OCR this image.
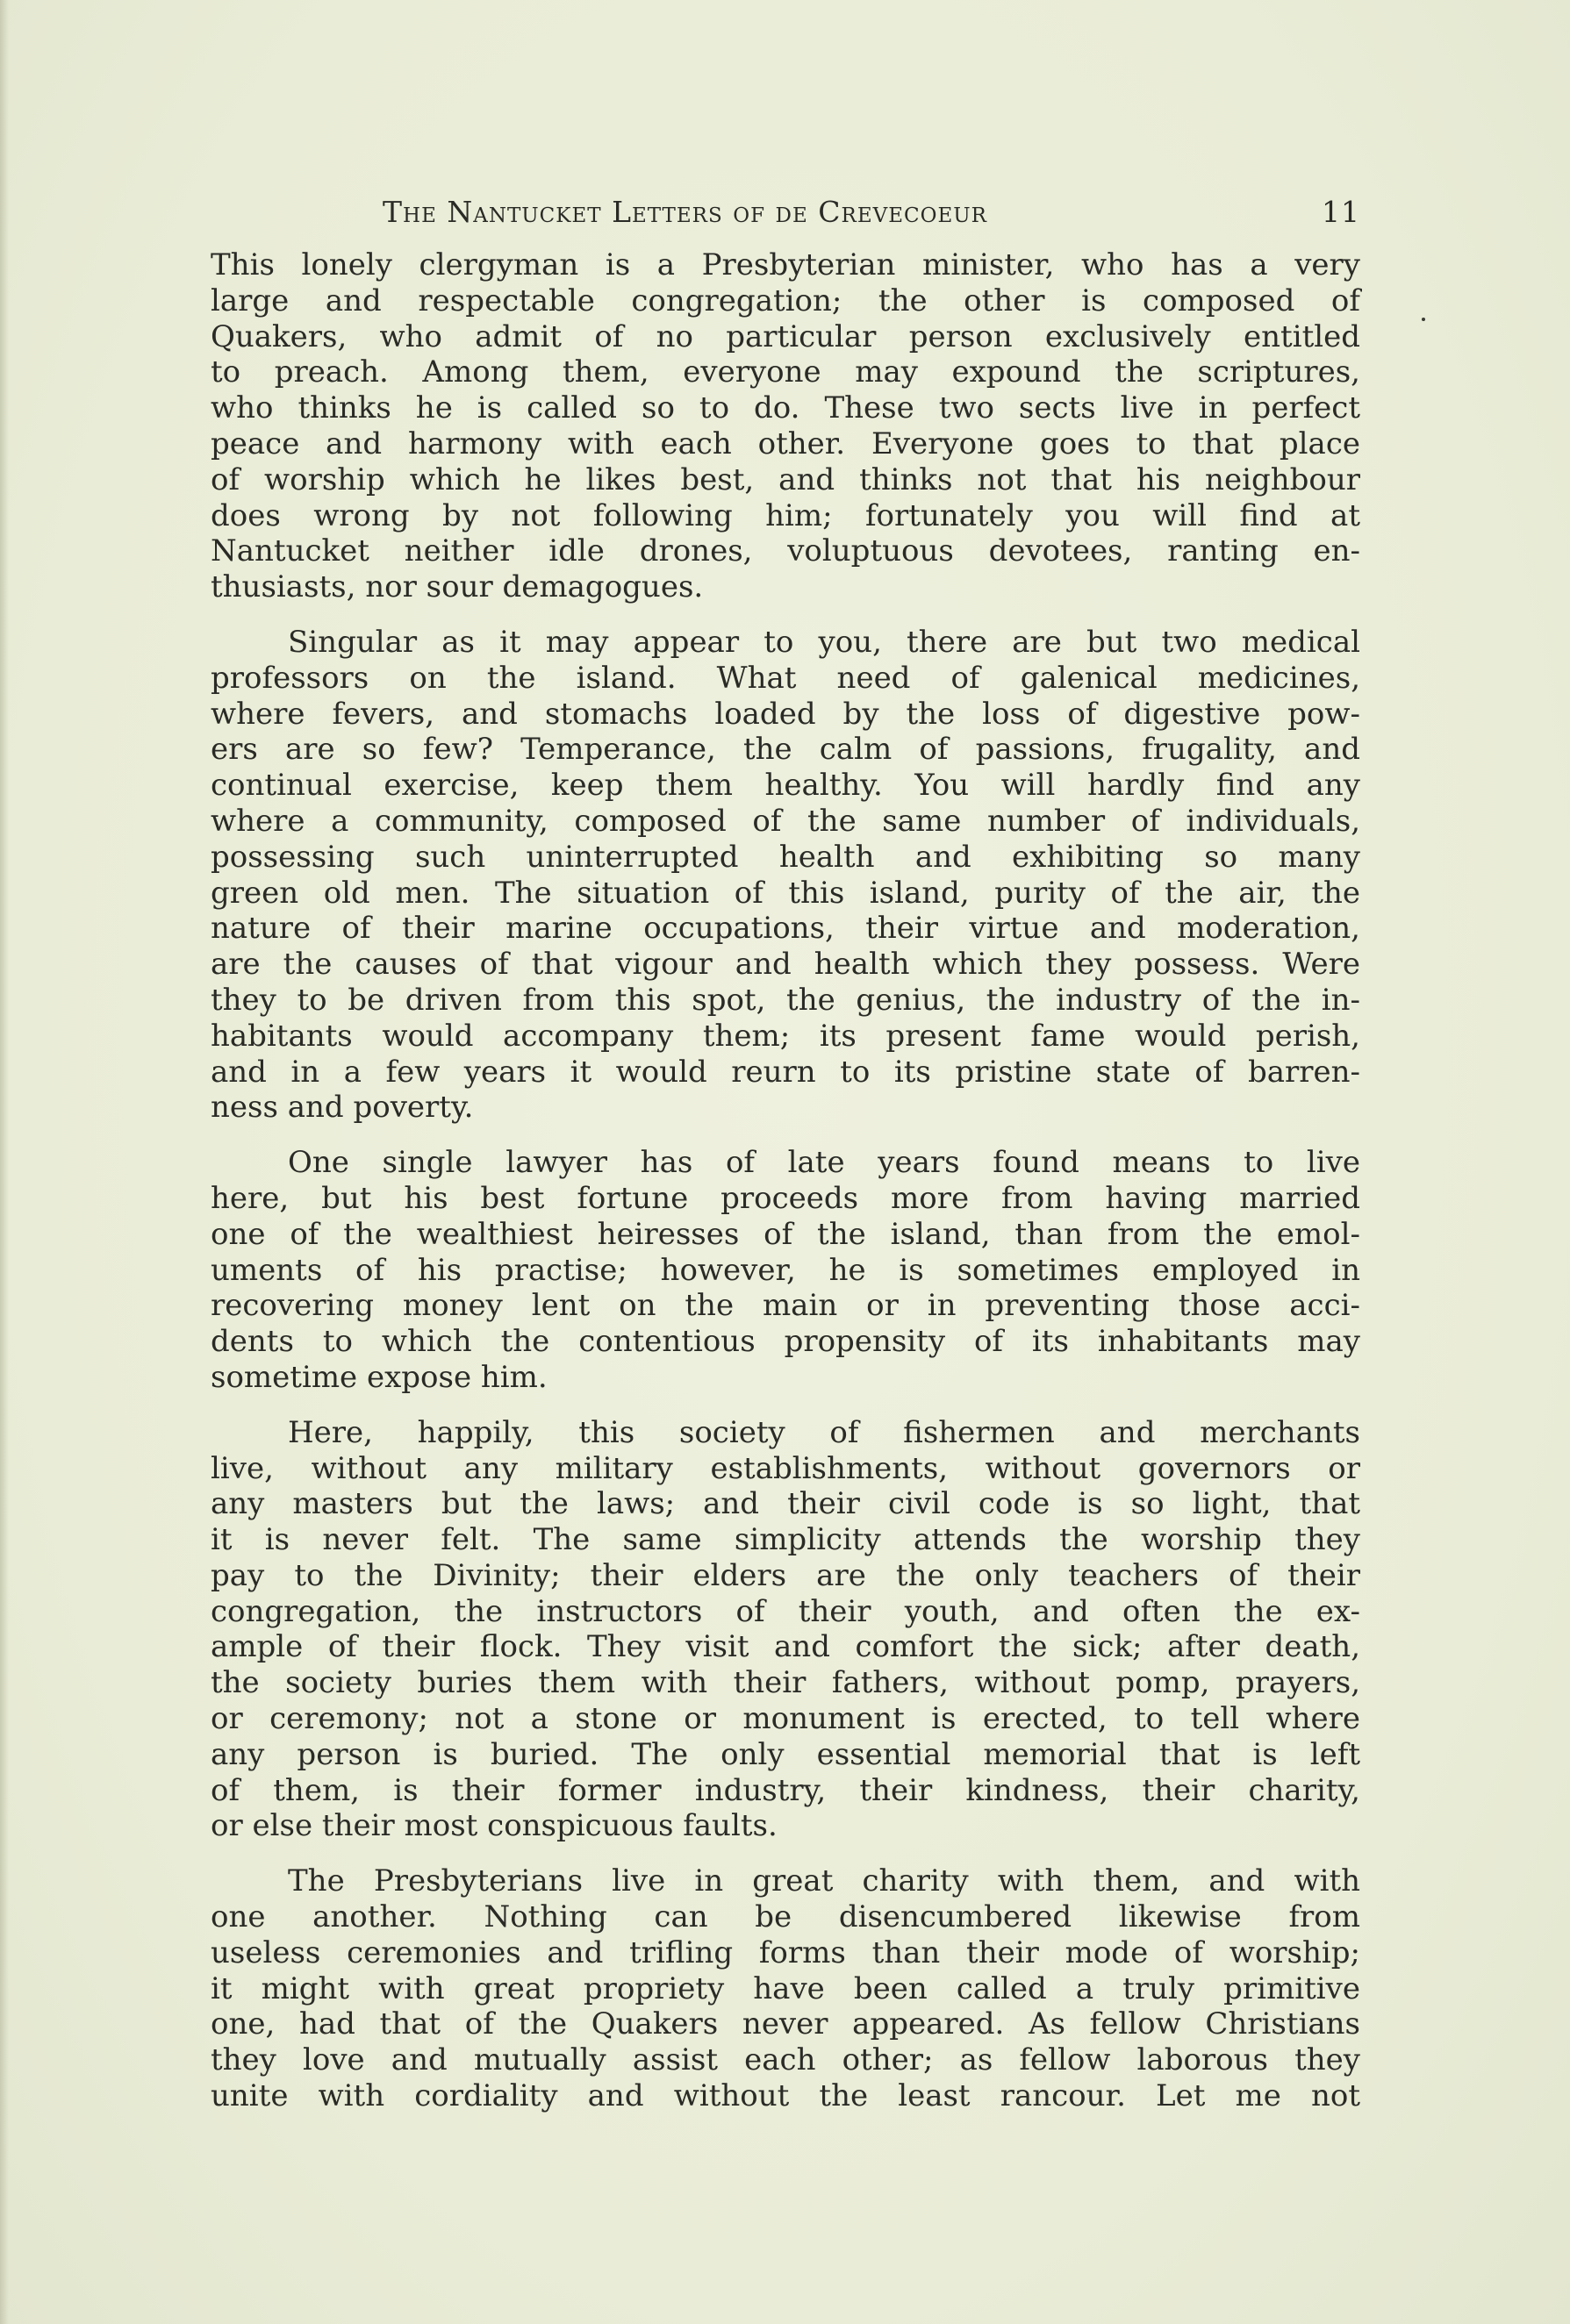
The Nantucket Letters of de Crevecoeur	11
This lonely clergyman is a Presbyterian minister, who has a very
large and respectable congregation; the other is composed of
Quakers, who admit of no particular person exclusively entitled
to preach. Among them, everyone may expound the scriptures,
who thinks he is called so to do. These two sects live in perfect
peace and harmony with each other. Everyone goes to that place
of worship which he likes best, and thinks not that his neighbour
does wrong by not following him; fortunately you will find at
Nantucket neither idle drones, voluptuous devotees, ranting en-
thusiasts, nor sour demagogues.
Singular as it may appear to you, there are but two medical
professors on the island. What need of galenical medicines,
where fevers, and stomachs loaded by the loss of digestive pow-
ers are so few? Temperance, the calm of passions, frugality, and
continual exercise, keep them healthy. You will hardly find any
where a community, composed of the same number of individuals,
possessing such uninterrupted health and exhibiting so many
green old men. The situation of this island, purity of the air, the
nature of their marine occupations, their virtue and moderation,
are the causes of that vigour and health which they possess. Were
they to be driven from this spot, the genius, the industry of the in-
habitants would accompany them; its present fame would perish,
and in a few years it would reurn to its pristine state of barren-
ness and poverty.
One single lawyer has of late years found means to live
here, but his best fortune proceeds more from having married
one of the wealthiest heiresses of the island, than from the emol-
uments of his practise; however, he is sometimes employed in
recovering money lent on the main or in preventing those acci-
dents to which the contentious propensity of its inhabitants may
sometime expose him.
Here, happily, this society of fishermen and merchants
live, without any military establishments, without governors or
any masters but the laws; and their civil code is so light, that
it is never felt. The same simplicity attends the worship they
pay to the Divinity; their elders are the only teachers of their
congregation, the instructors of their youth, and often the ex-
ample of their flock. They visit and comfort the sick; after death,
the society buries them with their fathers, without pomp, prayers,
or ceremony; not a stone or monument is erected, to tell where
any person is buried. The only essential memorial that is left
of them, is their former industry, their kindness, their charity,
or else their most conspicuous faults.
The Presbyterians live in great charity with them, and with
one another. Nothing can be disencumbered likewise from
useless ceremonies and trifling forms than their mode of worship;
it might with great propriety have been called a truly primitive
one, had that of the Quakers never appeared. As fellow Christians
they love and mutually assist each other; as fellow laborous they
unite with cordiality and without the least rancour. Let me not
